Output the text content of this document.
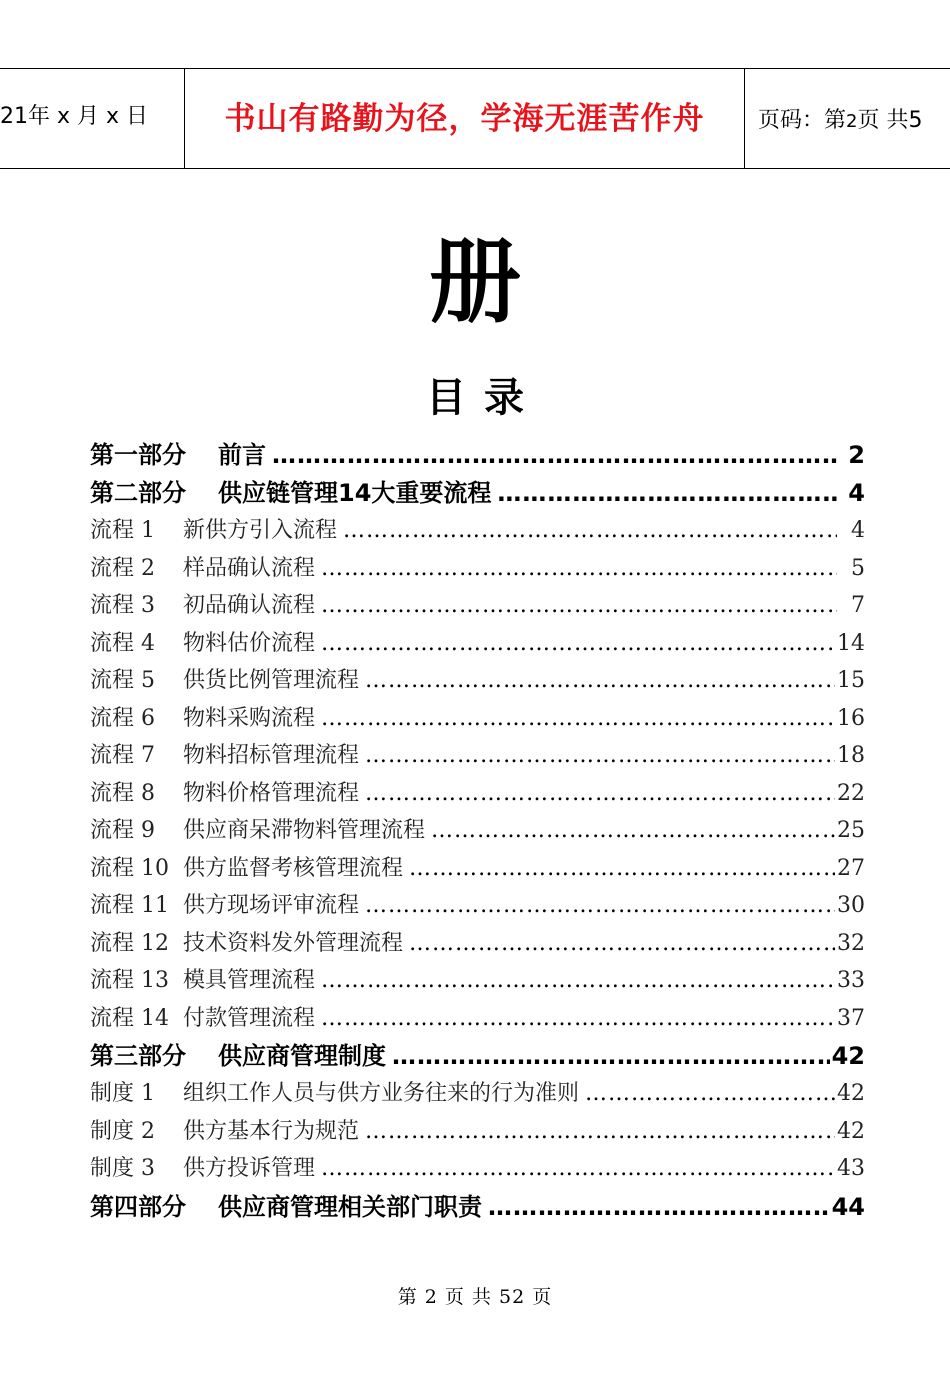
21年 x 月 x 日	书山有路勤为径，学海无涯苦作舟	页码：第2页 共5
册
目录
第一部分	前言 ………………………………………………………………………………………………………………………………	2
第二部分	供应链管理14大重要流程 ………………………………………………………………………………………………………………………………	4
流程 1	新供方引入流程 ………………………………………………………………………………………………………………………………	4
流程 2	样品确认流程 ………………………………………………………………………………………………………………………………	5
流程 3	初品确认流程 ………………………………………………………………………………………………………………………………	7
流程 4	物料估价流程 ………………………………………………………………………………………………………………………………	14
流程 5	供货比例管理流程 ………………………………………………………………………………………………………………………………	15
流程 6	物料采购流程 ………………………………………………………………………………………………………………………………	16
流程 7	物料招标管理流程 ………………………………………………………………………………………………………………………………	18
流程 8	物料价格管理流程 ………………………………………………………………………………………………………………………………	22
流程 9	供应商呆滞物料管理流程 ………………………………………………………………………………………………………………………………	25
流程 10 供方监督考核管理流程 ………………………………………………………………………………………………………………………………	27
流程 11 供方现场评审流程 ………………………………………………………………………………………………………………………………	30
流程 12 技术资料发外管理流程 ………………………………………………………………………………………………………………………………	32
流程 13 模具管理流程 ………………………………………………………………………………………………………………………………	33
流程 14 付款管理流程 ………………………………………………………………………………………………………………………………	37
第三部分	供应商管理制度 ………………………………………………………………………………………………………………………………	42
制度 1	组织工作人员与供方业务往来的行为准则 ………………………………………………………………………………………………………………………………	42
制度 2	供方基本行为规范 ………………………………………………………………………………………………………………………………	42
制度 3	供方投诉管理 ………………………………………………………………………………………………………………………………	43
第四部分	供应商管理相关部门职责 ………………………………………………………………………………………………………………………………	44
第 2 页 共 52 页
